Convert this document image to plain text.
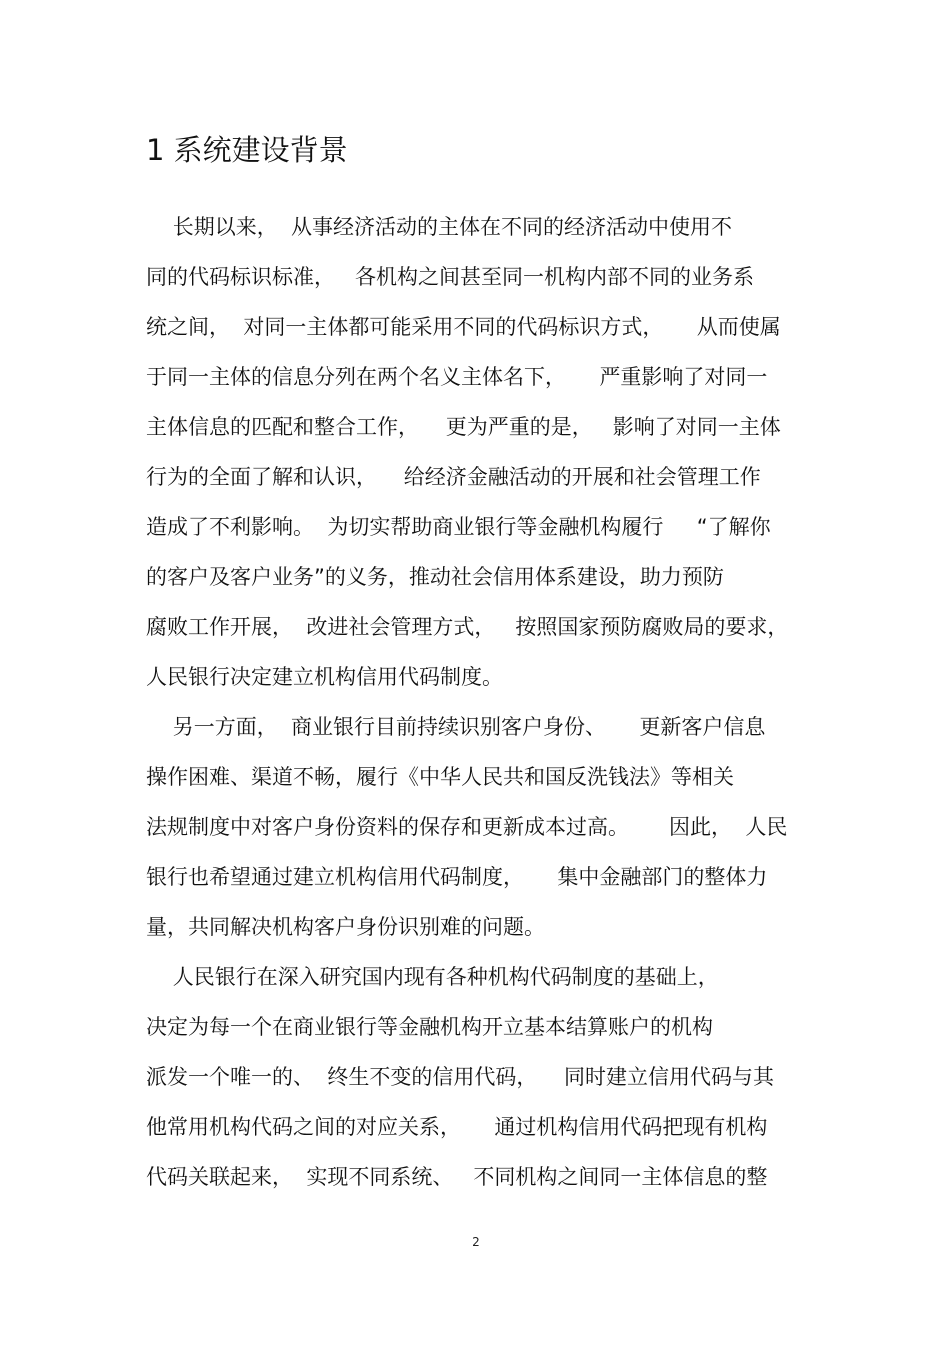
1 系统建设背景
长期以来，  从事经济活动的主体在不同的经济活动中使用不
同的代码标识标准，   各机构之间甚至同一机构内部不同的业务系
统之间，  对同一主体都可能采用不同的代码标识方式，     从而使属
于同一主体的信息分列在两个名义主体名下，     严重影响了对同一
主体信息的匹配和整合工作，    更为严重的是，   影响了对同一主体
行为的全面了解和认识，    给经济金融活动的开展和社会管理工作
造成了不利影响。  为切实帮助商业银行等金融机构履行     “了解你
的客户及客户业务”的义务，推动社会信用体系建设，助力预防
腐败工作开展，  改进社会管理方式，   按照国家预防腐败局的要求，
人民银行决定建立机构信用代码制度。
另一方面，  商业银行目前持续识别客户身份、     更新客户信息
操作困难、渠道不畅，履行《中华人民共和国反洗钱法》等相关
法规制度中对客户身份资料的保存和更新成本过高。      因此，  人民
银行也希望通过建立机构信用代码制度，     集中金融部门的整体力
量，共同解决机构客户身份识别难的问题。
人民银行在深入研究国内现有各种机构代码制度的基础上，
决定为每一个在商业银行等金融机构开立基本结算账户的机构
派发一个唯一的、  终生不变的信用代码，    同时建立信用代码与其
他常用机构代码之间的对应关系，     通过机构信用代码把现有机构
代码关联起来，  实现不同系统、   不同机构之间同一主体信息的整
2
